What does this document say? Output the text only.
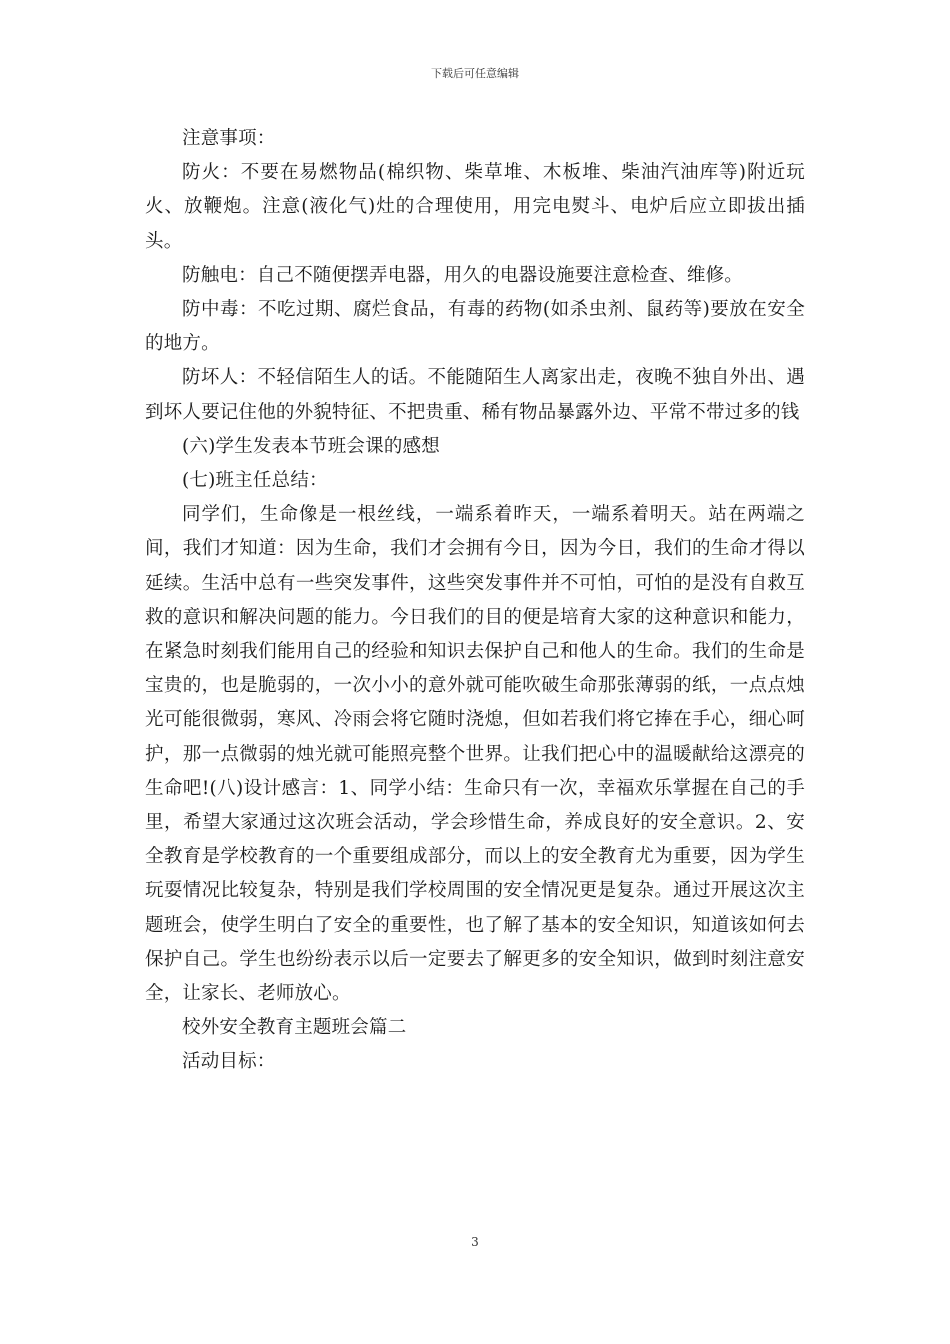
下载后可任意编辑

注意事项：

防火：不要在易燃物品(棉织物、柴草堆、木板堆、柴油汽油库等)附近玩火、放鞭炮。注意(液化气)灶的合理使用，用完电熨斗、电炉后应立即拔出插头。

防触电：自己不随便摆弄电器，用久的电器设施要注意检查、维修。

防中毒：不吃过期、腐烂食品，有毒的药物(如杀虫剂、鼠药等)要放在安全的地方。

防坏人：不轻信陌生人的话。不能随陌生人离家出走，夜晚不独自外出、遇到坏人要记住他的外貌特征、不把贵重、稀有物品暴露外边、平常不带过多的钱

(六)学生发表本节班会课的感想

(七)班主任总结：

同学们，生命像是一根丝线，一端系着昨天，一端系着明天。站在两端之间，我们才知道：因为生命，我们才会拥有今日，因为今日，我们的生命才得以延续。生活中总有一些突发事件，这些突发事件并不可怕，可怕的是没有自救互救的意识和解决问题的能力。今日我们的目的便是培育大家的这种意识和能力，在紧急时刻我们能用自己的经验和知识去保护自己和他人的生命。我们的生命是宝贵的，也是脆弱的，一次小小的意外就可能吹破生命那张薄弱的纸，一点点烛光可能很微弱，寒风、冷雨会将它随时浇熄，但如若我们将它捧在手心，细心呵护，那一点微弱的烛光就可能照亮整个世界。让我们把心中的温暖献给这漂亮的生命吧!(八)设计感言：1、同学小结：生命只有一次，幸福欢乐掌握在自己的手里，希望大家通过这次班会活动，学会珍惜生命，养成良好的安全意识。2、安全教育是学校教育的一个重要组成部分，而以上的安全教育尤为重要，因为学生玩耍情况比较复杂，特别是我们学校周围的安全情况更是复杂。通过开展这次主题班会，使学生明白了安全的重要性，也了解了基本的安全知识，知道该如何去保护自己。学生也纷纷表示以后一定要去了解更多的安全知识，做到时刻注意安全，让家长、老师放心。

校外安全教育主题班会篇二

活动目标：

3
